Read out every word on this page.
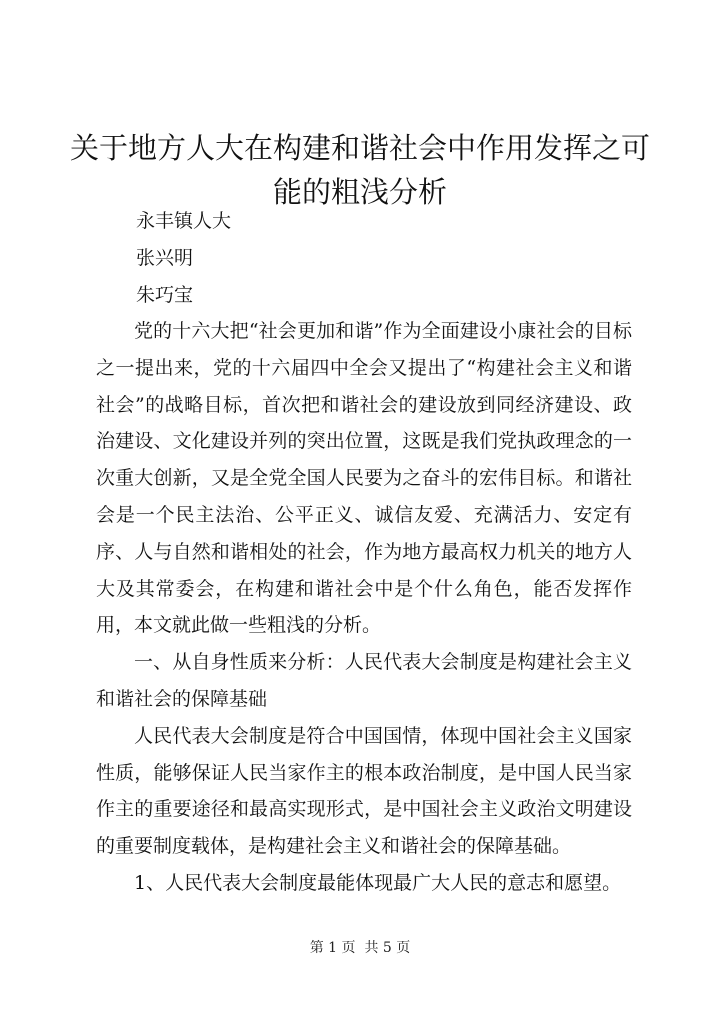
关于地方人大在构建和谐社会中作用发挥之可能的粗浅分析

永丰镇人大

张兴明

朱巧宝

党的十六大把“社会更加和谐”作为全面建设小康社会的目标之一提出来，党的十六届四中全会又提出了“构建社会主义和谐社会”的战略目标，首次把和谐社会的建设放到同经济建设、政治建设、文化建设并列的突出位置，这既是我们党执政理念的一次重大创新，又是全党全国人民要为之奋斗的宏伟目标。和谐社会是一个民主法治、公平正义、诚信友爱、充满活力、安定有序、人与自然和谐相处的社会，作为地方最高权力机关的地方人大及其常委会，在构建和谐社会中是个什么角色，能否发挥作用，本文就此做一些粗浅的分析。

一、从自身性质来分析：人民代表大会制度是构建社会主义和谐社会的保障基础

人民代表大会制度是符合中国国情，体现中国社会主义国家性质，能够保证人民当家作主的根本政治制度，是中国人民当家作主的重要途径和最高实现形式，是中国社会主义政治文明建设的重要制度载体，是构建社会主义和谐社会的保障基础。

1、人民代表大会制度最能体现最广大人民的意志和愿望。

第 1 页  共 5 页
